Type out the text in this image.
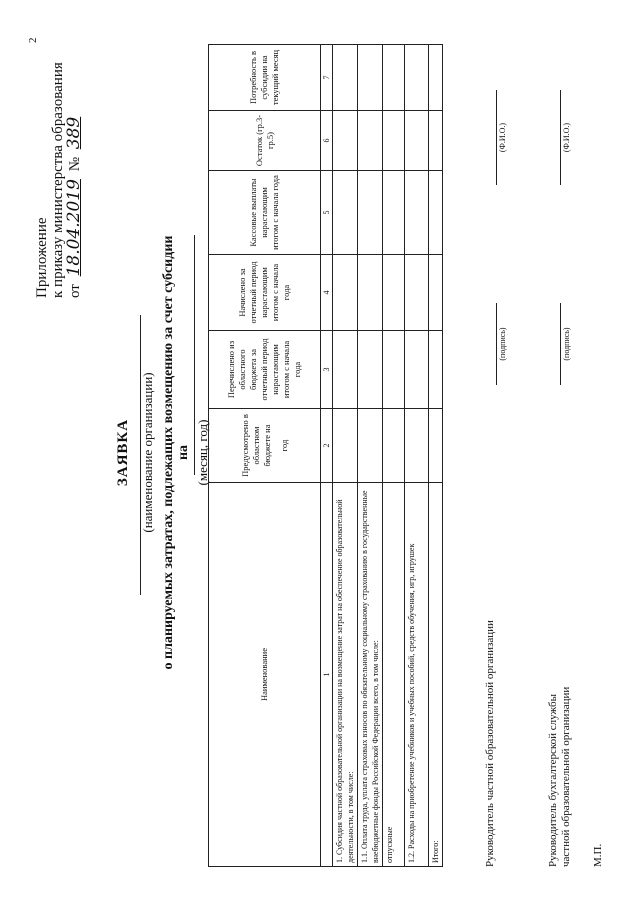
2
Приложение к приказу министерства образования от 18.04.2019 № 389
ЗАЯВКА (наименование организации) о планируемых затратах, подлежащих возмещению за счет субсидии на (месяц, год)
Наименование	Предусмотрено в областном бюджете на год	Перечислено из областного бюджета за отчетный период нарастающим итогом с начала года	Начислено за отчетный период нарастающим итогом с начала года	Кассовые выплаты нарастающим итогом с начала года	Остаток (гр.3-гр.5)	Потребность в субсидии на текущий месяц
1	2	3	4	5	6	7
1. Субсидия частной образовательной организации на возмещение затрат на обеспечение образовательной деятельности, в том числе:						
1.1. Оплата труда, уплата страховых взносов по обязательному социальному страхованию в государственные внебюджетные фонды Российской Федерации всего, в том числе:						
отпускные						
1.2. Расходы на приобретение учебников и учебных пособий, средств обучения, игр, игрушек						
Итого:							Руководитель частной образовательной организации
(подпись)
(Ф.И.О.)
Руководитель бухгалтерской службы частной образовательной организации
(подпись)
(Ф.И.О.)
М.П.
